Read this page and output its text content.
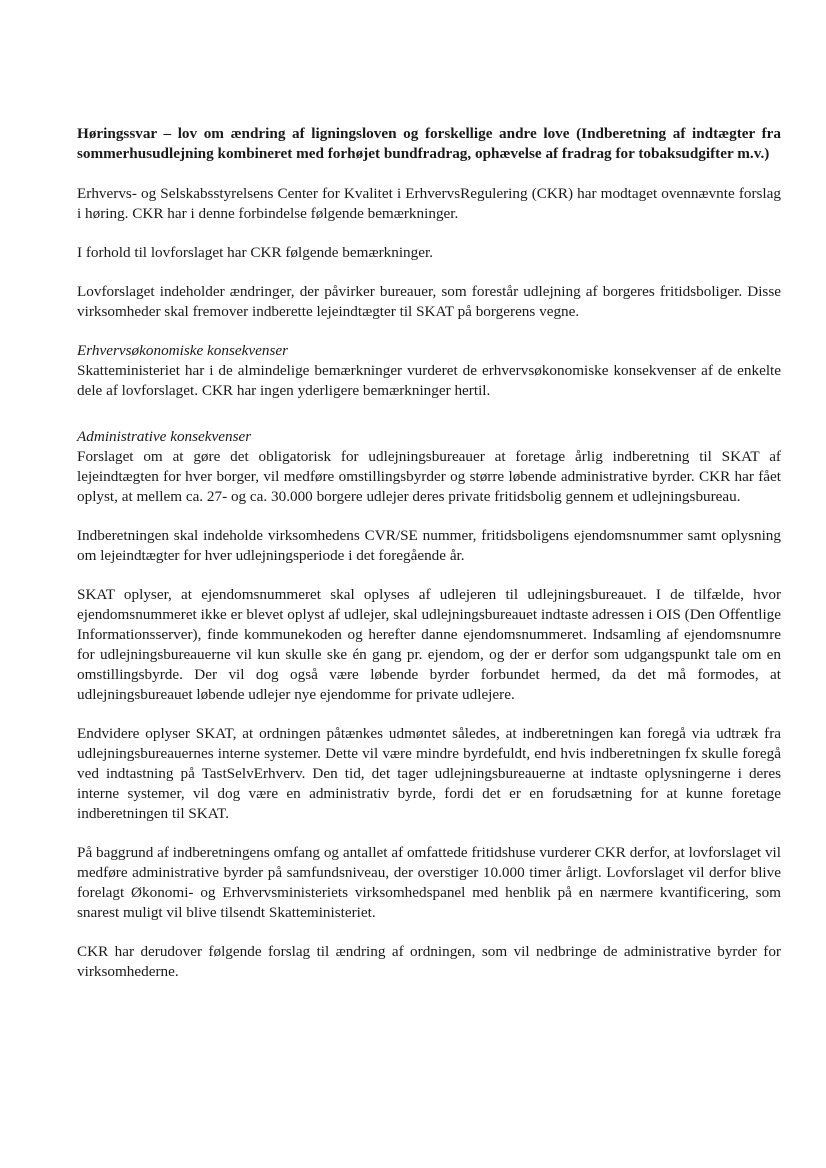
Høringssvar – lov om ændring af ligningsloven og forskellige andre love (Indberetning af indtægter fra sommerhusudlejning kombineret med forhøjet bundfradrag, ophævelse af fradrag for tobaksudgifter m.v.)

Erhvervs- og Selskabsstyrelsens Center for Kvalitet i ErhvervsRegulering (CKR) har modtaget ovennævnte forslag i høring. CKR har i denne forbindelse følgende bemærkninger.

I forhold til lovforslaget har CKR følgende bemærkninger.

Lovforslaget indeholder ændringer, der påvirker bureauer, som forestår udlejning af borgeres fritidsboliger. Disse virksomheder skal fremover indberette lejeindtægter til SKAT på borgerens vegne.

Erhvervsøkonomiske konsekvenser

Skatteministeriet har i de almindelige bemærkninger vurderet de erhvervsøkonomiske konsekvenser af de enkelte dele af lovforslaget. CKR har ingen yderligere bemærkninger hertil.

Administrative konsekvenser

Forslaget om at gøre det obligatorisk for udlejningsbureauer at foretage årlig indberetning til SKAT af lejeindtægten for hver borger, vil medføre omstillingsbyrder og større løbende administrative byrder. CKR har fået oplyst, at mellem ca. 27- og ca. 30.000 borgere udlejer deres private fritidsbolig gennem et udlejningsbureau.

Indberetningen skal indeholde virksomhedens CVR/SE nummer, fritidsboligens ejendomsnummer samt oplysning om lejeindtægter for hver udlejningsperiode i det foregående år.

SKAT oplyser, at ejendomsnummeret skal oplyses af udlejeren til udlejningsbureauet. I de tilfælde, hvor ejendomsnummeret ikke er blevet oplyst af udlejer, skal udlejningsbureauet indtaste adressen i OIS (Den Offentlige Informationsserver), finde kommunekoden og herefter danne ejendomsnummeret. Indsamling af ejendomsnumre for udlejningsbureauerne vil kun skulle ske én gang pr. ejendom, og der er derfor som udgangspunkt tale om en omstillingsbyrde. Der vil dog også være løbende byrder forbundet hermed, da det må formodes, at udlejningsbureauet løbende udlejer nye ejendomme for private udlejere.

Endvidere oplyser SKAT, at ordningen påtænkes udmøntet således, at indberetningen kan foregå via udtræk fra udlejningsbureauernes interne systemer. Dette vil være mindre byrdefuldt, end hvis indberetningen fx skulle foregå ved indtastning på TastSelvErhverv. Den tid, det tager udlejningsbureauerne at indtaste oplysningerne i deres interne systemer, vil dog være en administrativ byrde, fordi det er en forudsætning for at kunne foretage indberetningen til SKAT.

På baggrund af indberetningens omfang og antallet af omfattede fritidshuse vurderer CKR derfor, at lovforslaget vil medføre administrative byrder på samfundsniveau, der overstiger 10.000 timer årligt. Lovforslaget vil derfor blive forelagt Økonomi- og Erhvervsministeriets virksomhedspanel med henblik på en nærmere kvantificering, som snarest muligt vil blive tilsendt Skatteministeriet.

CKR har derudover følgende forslag til ændring af ordningen, som vil nedbringe de administrative byrder for virksomhederne.
